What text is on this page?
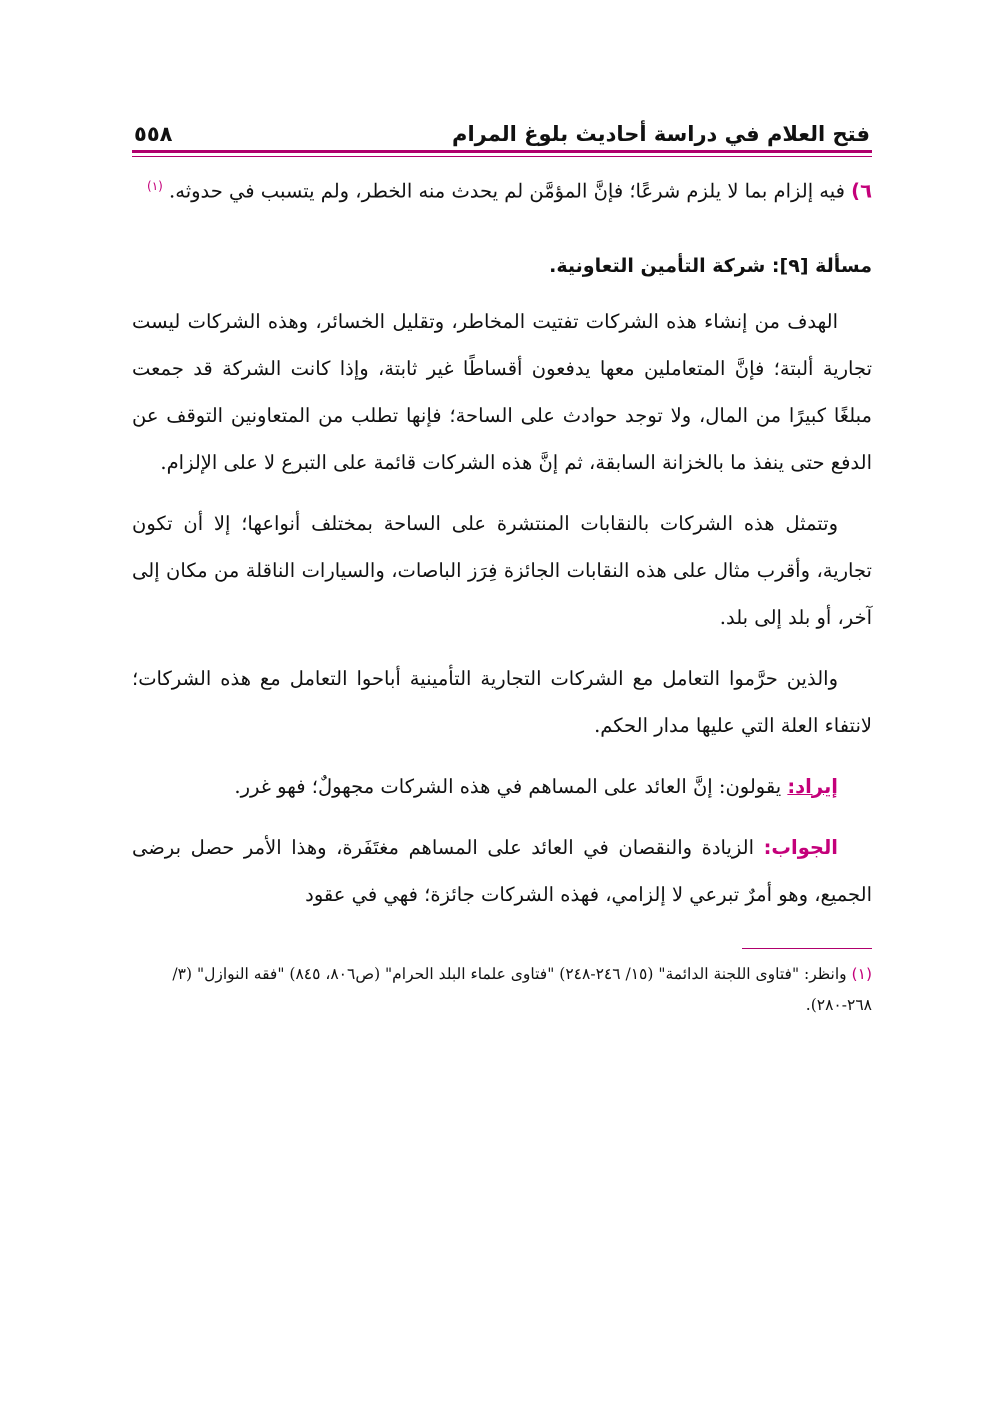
فتح العلام في دراسة أحاديث بلوغ المرام
٥٥٨

٦) فيه إلزام بما لا يلزم شرعًا؛ فإنَّ المؤمَّن لم يحدث منه الخطر، ولم يتسبب في حدوثه. $^{(١)}$

مسألة [٩]: شركة التأمين التعاونية.

الهدف من إنشاء هذه الشركات تفتيت المخاطر، وتقليل الخسائر، وهذه الشركات ليست تجارية ألبتة؛ فإنَّ المتعاملين معها يدفعون أقساطًا غير ثابتة، وإذا كانت الشركة قد جمعت مبلغًا كبيرًا من المال، ولا توجد حوادث على الساحة؛ فإنها تطلب من المتعاونين التوقف عن الدفع حتى ينفذ ما بالخزانة السابقة، ثم إنَّ هذه الشركات قائمة على التبرع لا على الإلزام.

وتتمثل هذه الشركات بالنقابات المنتشرة على الساحة بمختلف أنواعها؛ إلا أن تكون تجارية، وأقرب مثال على هذه النقابات الجائزة فِرَز الباصات، والسيارات الناقلة من مكان إلى آخر، أو بلد إلى بلد.

والذين حرَّموا التعامل مع الشركات التجارية التأمينية أباحوا التعامل مع هذه الشركات؛ لانتفاء العلة التي عليها مدار الحكم.

إيراد: يقولون: إنَّ العائد على المساهم في هذه الشركات مجهولٌ؛ فهو غرر.

الجواب: الزيادة والنقصان في العائد على المساهم مغتَفَرة، وهذا الأمر حصل برضى الجميع، وهو أمرٌ تبرعي لا إلزامي، فهذه الشركات جائزة؛ فهي في عقود

(١) وانظر: "فتاوى اللجنة الدائمة" (١٥/ ٢٤٦-٢٤٨) "فتاوى علماء البلد الحرام" (ص٨٠٦، ٨٤٥) "فقه النوازل" (٣/ ٢٦٨-٢٨٠).
